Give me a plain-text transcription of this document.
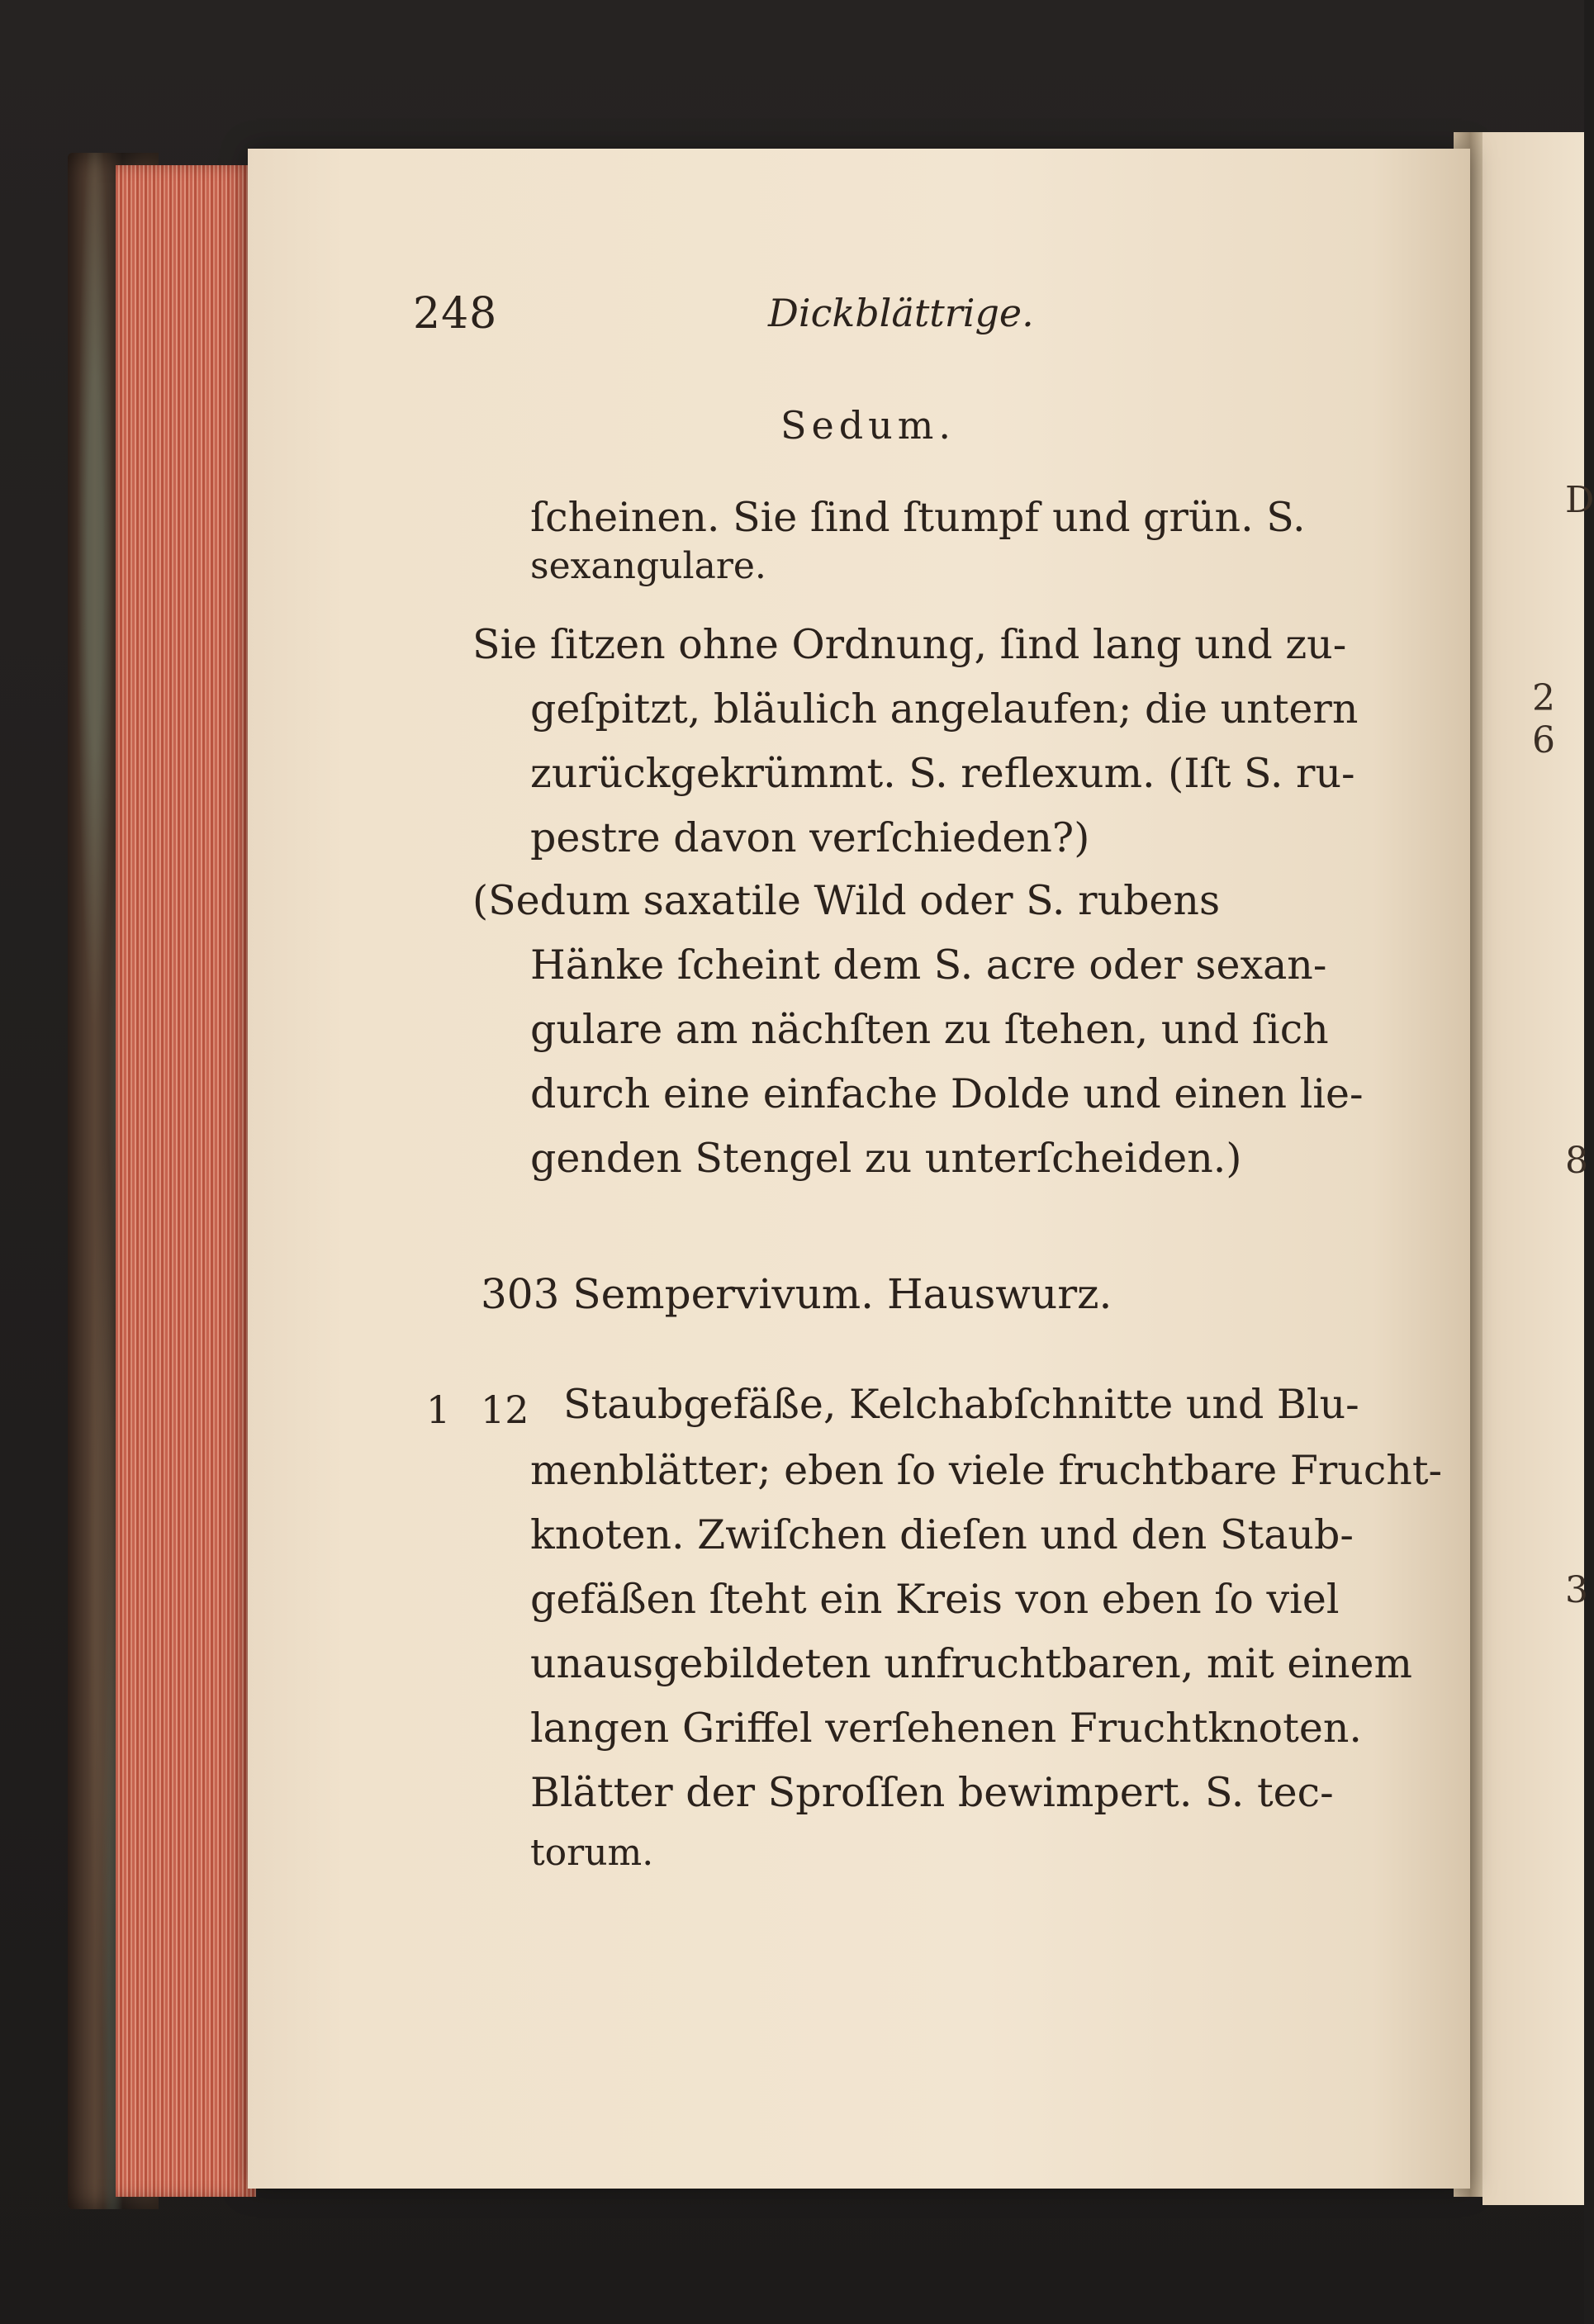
D
2 6
8
3
248	Dickblättrige.
Sedum.
ſcheinen. Sie ſind ſtumpf und grün. S.
sexangulare.
Sie ſitzen ohne Ordnung, ſind lang und zu-
geſpitzt, bläulich angelaufen; die untern
zurückgekrümmt. S. reflexum. (Iſt S. ru-
pestre davon verſchieden?)
(Sedum saxatile Wild oder S. rubens
Hänke ſcheint dem S. acre oder sexan-
gulare am nächſten zu ſtehen, und ſich
durch eine einfache Dolde und einen lie-
genden Stengel zu unterſcheiden.)
303 Sempervivum. Hauswurz.
1 12 Staubgefäße, Kelchabſchnitte und Blu-
menblätter; eben ſo viele fruchtbare Frucht-
knoten. Zwiſchen dieſen und den Staub-
gefäßen ſteht ein Kreis von eben ſo viel
unausgebildeten unfruchtbaren, mit einem
langen Griffel verſehenen Fruchtknoten.
Blätter der Sproſſen bewimpert. S. tec-
torum.
